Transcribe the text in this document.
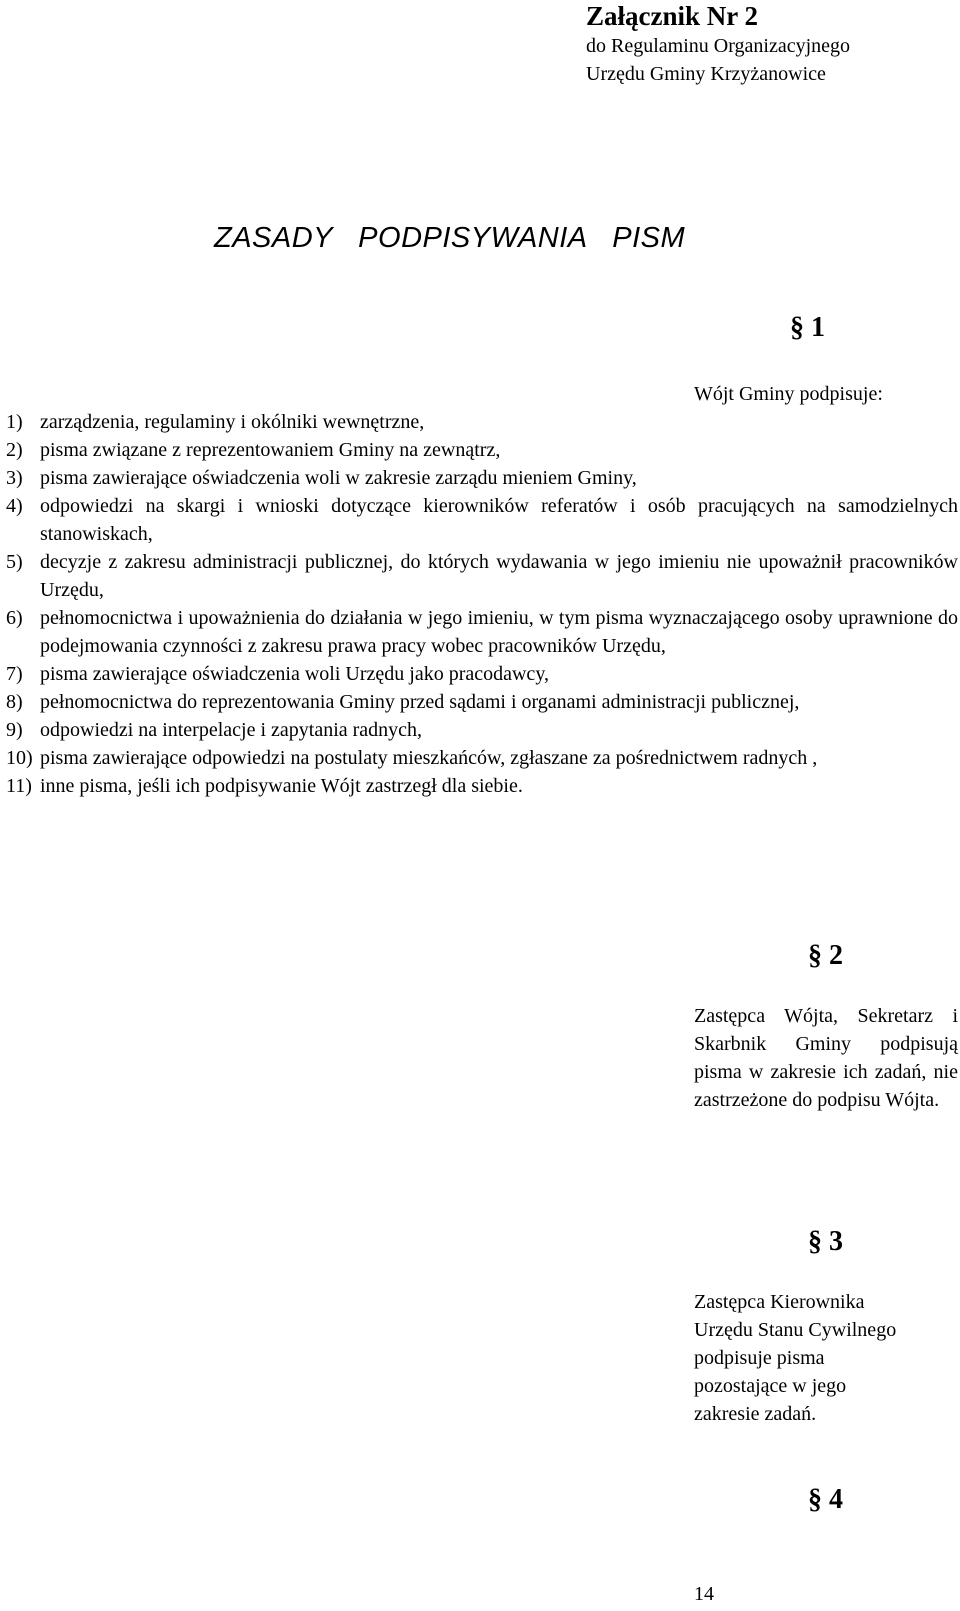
Załącznik Nr 2
do Regulaminu Organizacyjnego
Urzędu Gminy Krzyżanowice
ZASADY   PODPISYWANIA   PISM
§ 1
Wójt Gminy podpisuje:
1) zarządzenia, regulaminy i okólniki wewnętrzne,
2) pisma związane z reprezentowaniem Gminy na zewnątrz,
3) pisma zawierające oświadczenia woli w zakresie zarządu mieniem Gminy,
4) odpowiedzi na skargi i wnioski dotyczące kierowników referatów i osób pracujących na samodzielnych stanowiskach,
5) decyzje z zakresu administracji publicznej, do których wydawania w jego imieniu nie upoważnił pracowników Urzędu,
6) pełnomocnictwa i upoważnienia do działania w jego imieniu, w tym pisma wyznaczającego osoby uprawnione do podejmowania czynności z zakresu prawa pracy wobec pracowników Urzędu,
7) pisma zawierające oświadczenia woli Urzędu jako pracodawcy,
8) pełnomocnictwa do reprezentowania Gminy przed sądami i organami administracji publicznej,
9) odpowiedzi na interpelacje i zapytania radnych,
10) pisma zawierające odpowiedzi na postulaty mieszkańców, zgłaszane za pośrednictwem radnych ,
11) inne pisma, jeśli ich podpisywanie Wójt zastrzegł dla siebie.
§ 2
Zastępca Wójta, Sekretarz i Skarbnik Gminy podpisują pisma w zakresie ich zadań, nie zastrzeżone do podpisu Wójta.
§ 3
Zastępca Kierownika
Urzędu Stanu Cywilnego
podpisuje pisma
pozostające w jego
zakresie zadań.
§ 4
14
